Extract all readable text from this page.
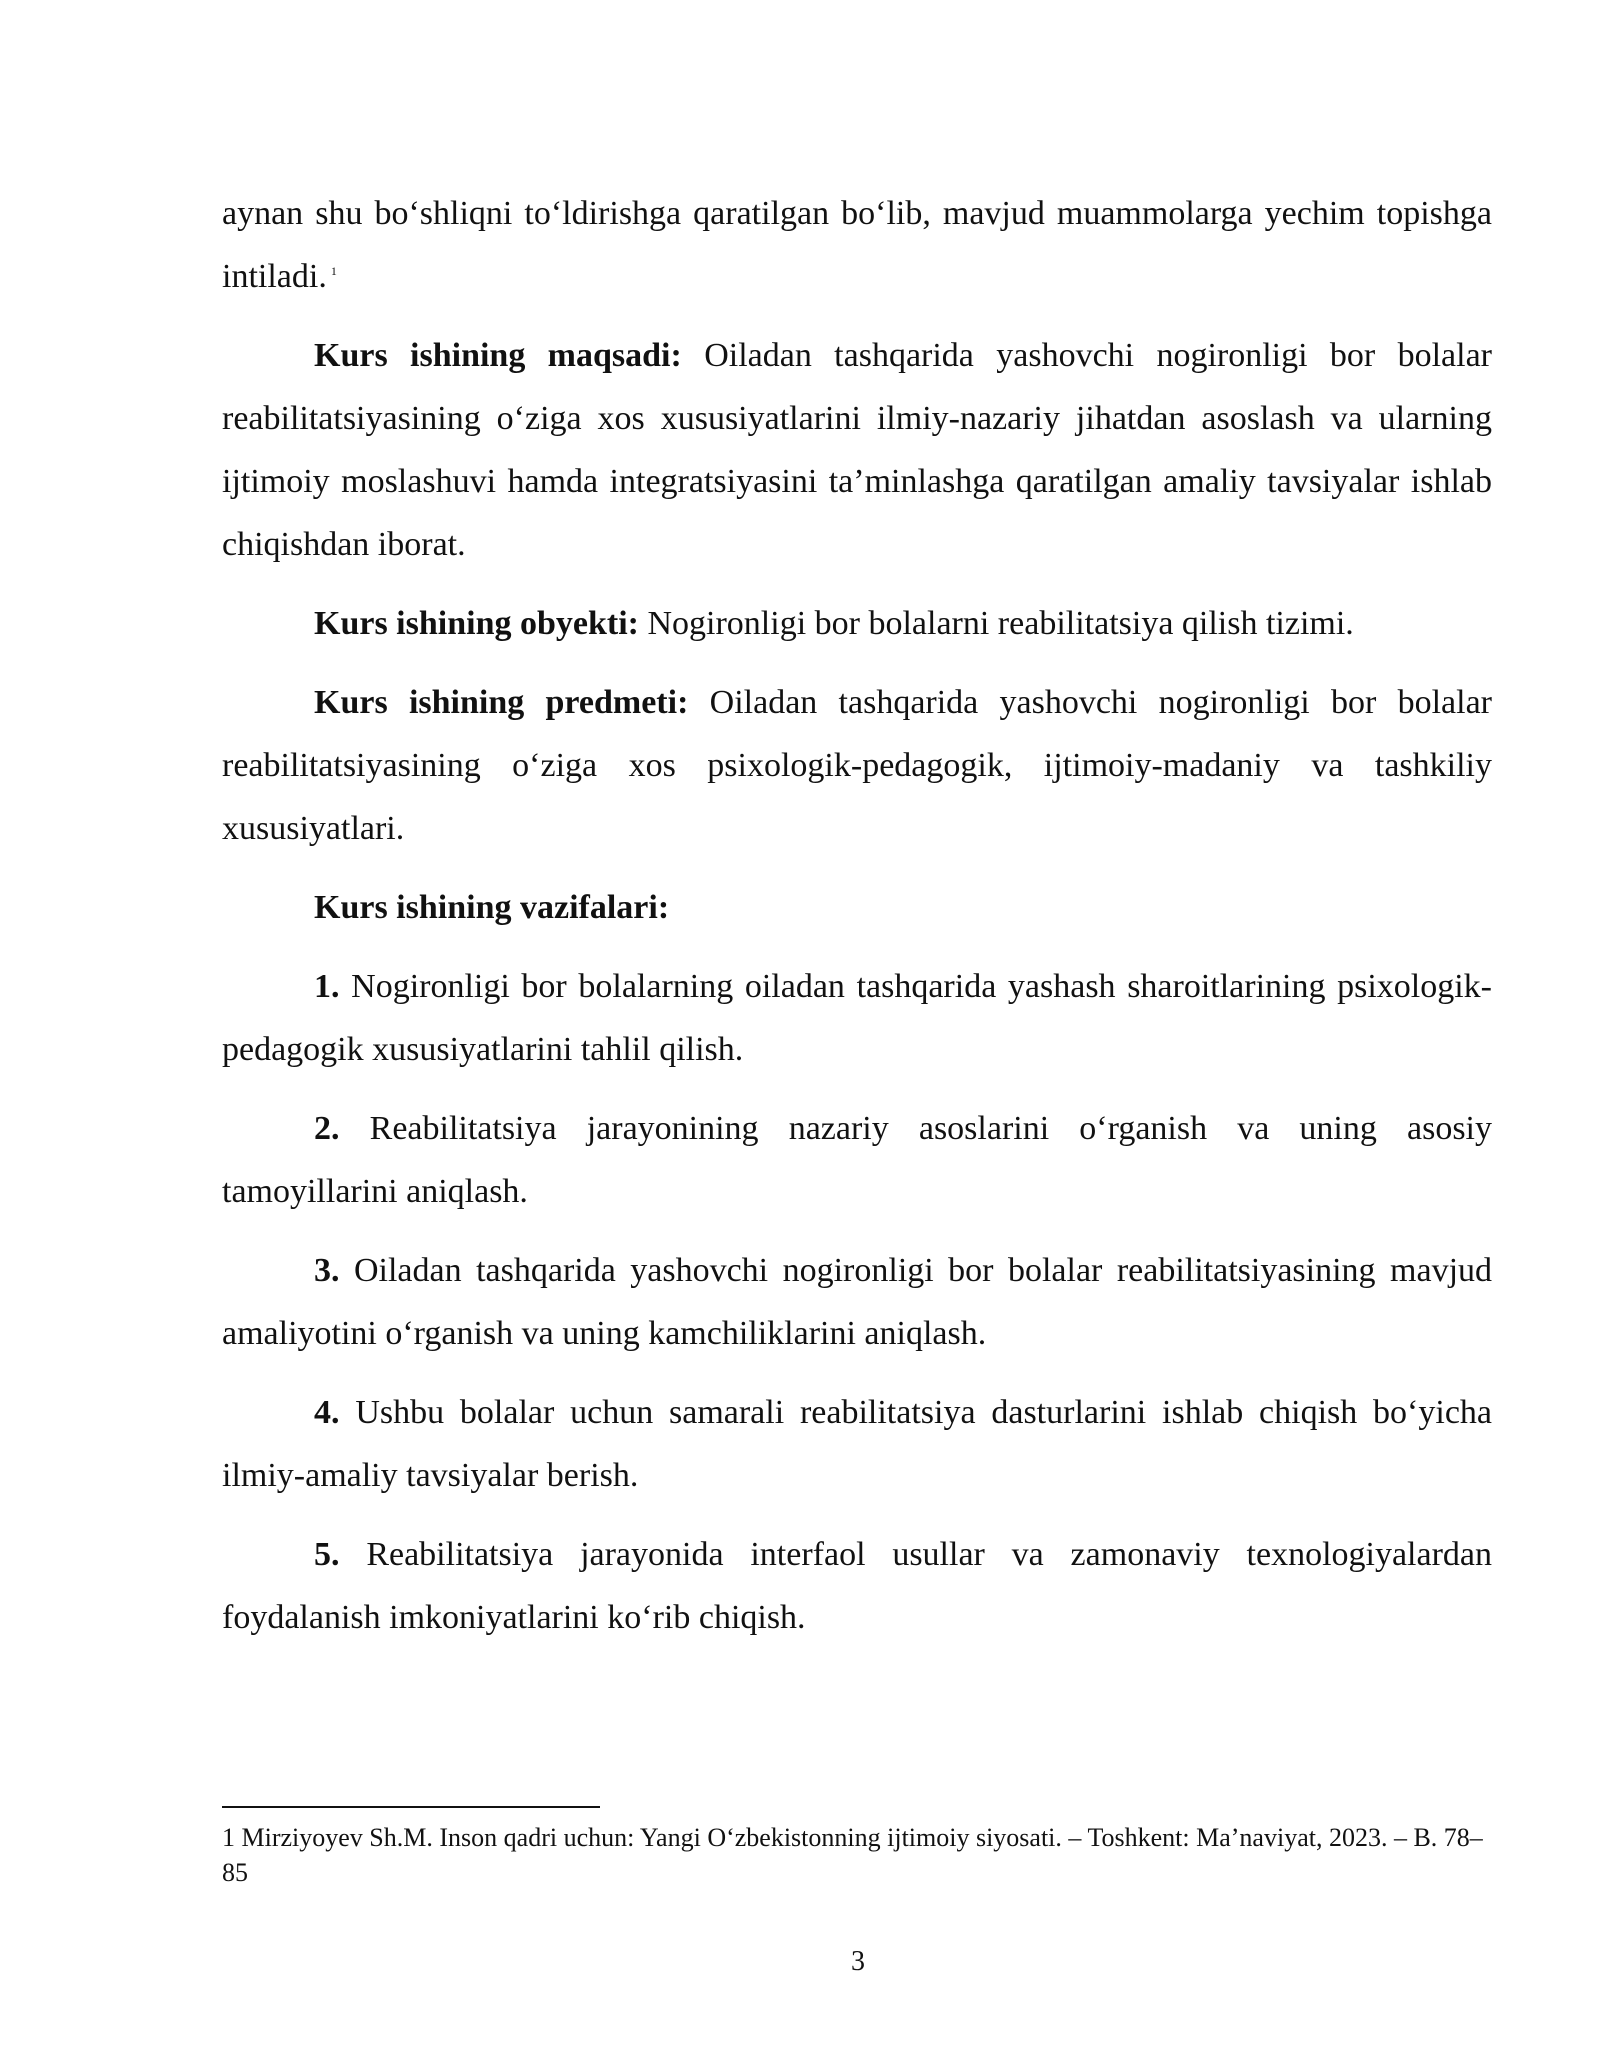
aynan shu bo‘shliqni to‘ldirishga qaratilgan bo‘lib, mavjud muammolarga yechim topishga intiladi. $^1$

Kurs ishining maqsadi: Oiladan tashqarida yashovchi nogironligi bor bolalar reabilitatsiyasining o‘ziga xos xususiyatlarini ilmiy-nazariy jihatdan asoslash va ularning ijtimoiy moslashuvi hamda integratsiyasini ta’minlashga qaratilgan amaliy tavsiyalar ishlab chiqishdan iborat.

Kurs ishining obyekti: Nogironligi bor bolalarni reabilitatsiya qilish tizimi.

Kurs ishining predmeti: Oiladan tashqarida yashovchi nogironligi bor bolalar reabilitatsiyasining o‘ziga xos psixologik-pedagogik, ijtimoiy-madaniy va tashkiliy xususiyatlari.

Kurs ishining vazifalari:

1. Nogironligi bor bolalarning oiladan tashqarida yashash sharoitlarining psixologik-pedagogik xususiyatlarini tahlil qilish.

2. Reabilitatsiya jarayonining nazariy asoslarini o‘rganish va uning asosiy tamoyillarini aniqlash.

3. Oiladan tashqarida yashovchi nogironligi bor bolalar reabilitatsiyasining mavjud amaliyotini o‘rganish va uning kamchiliklarini aniqlash.

4. Ushbu bolalar uchun samarali reabilitatsiya dasturlarini ishlab chiqish bo‘yicha ilmiy-amaliy tavsiyalar berish.

5. Reabilitatsiya jarayonida interfaol usullar va zamonaviy texnologiyalardan foydalanish imkoniyatlarini ko‘rib chiqish.

1 Mirziyoyev Sh.M. Inson qadri uchun: Yangi O‘zbekistonning ijtimoiy siyosati. – Toshkent: Ma’naviyat, 2023. – B. 78–85
3
